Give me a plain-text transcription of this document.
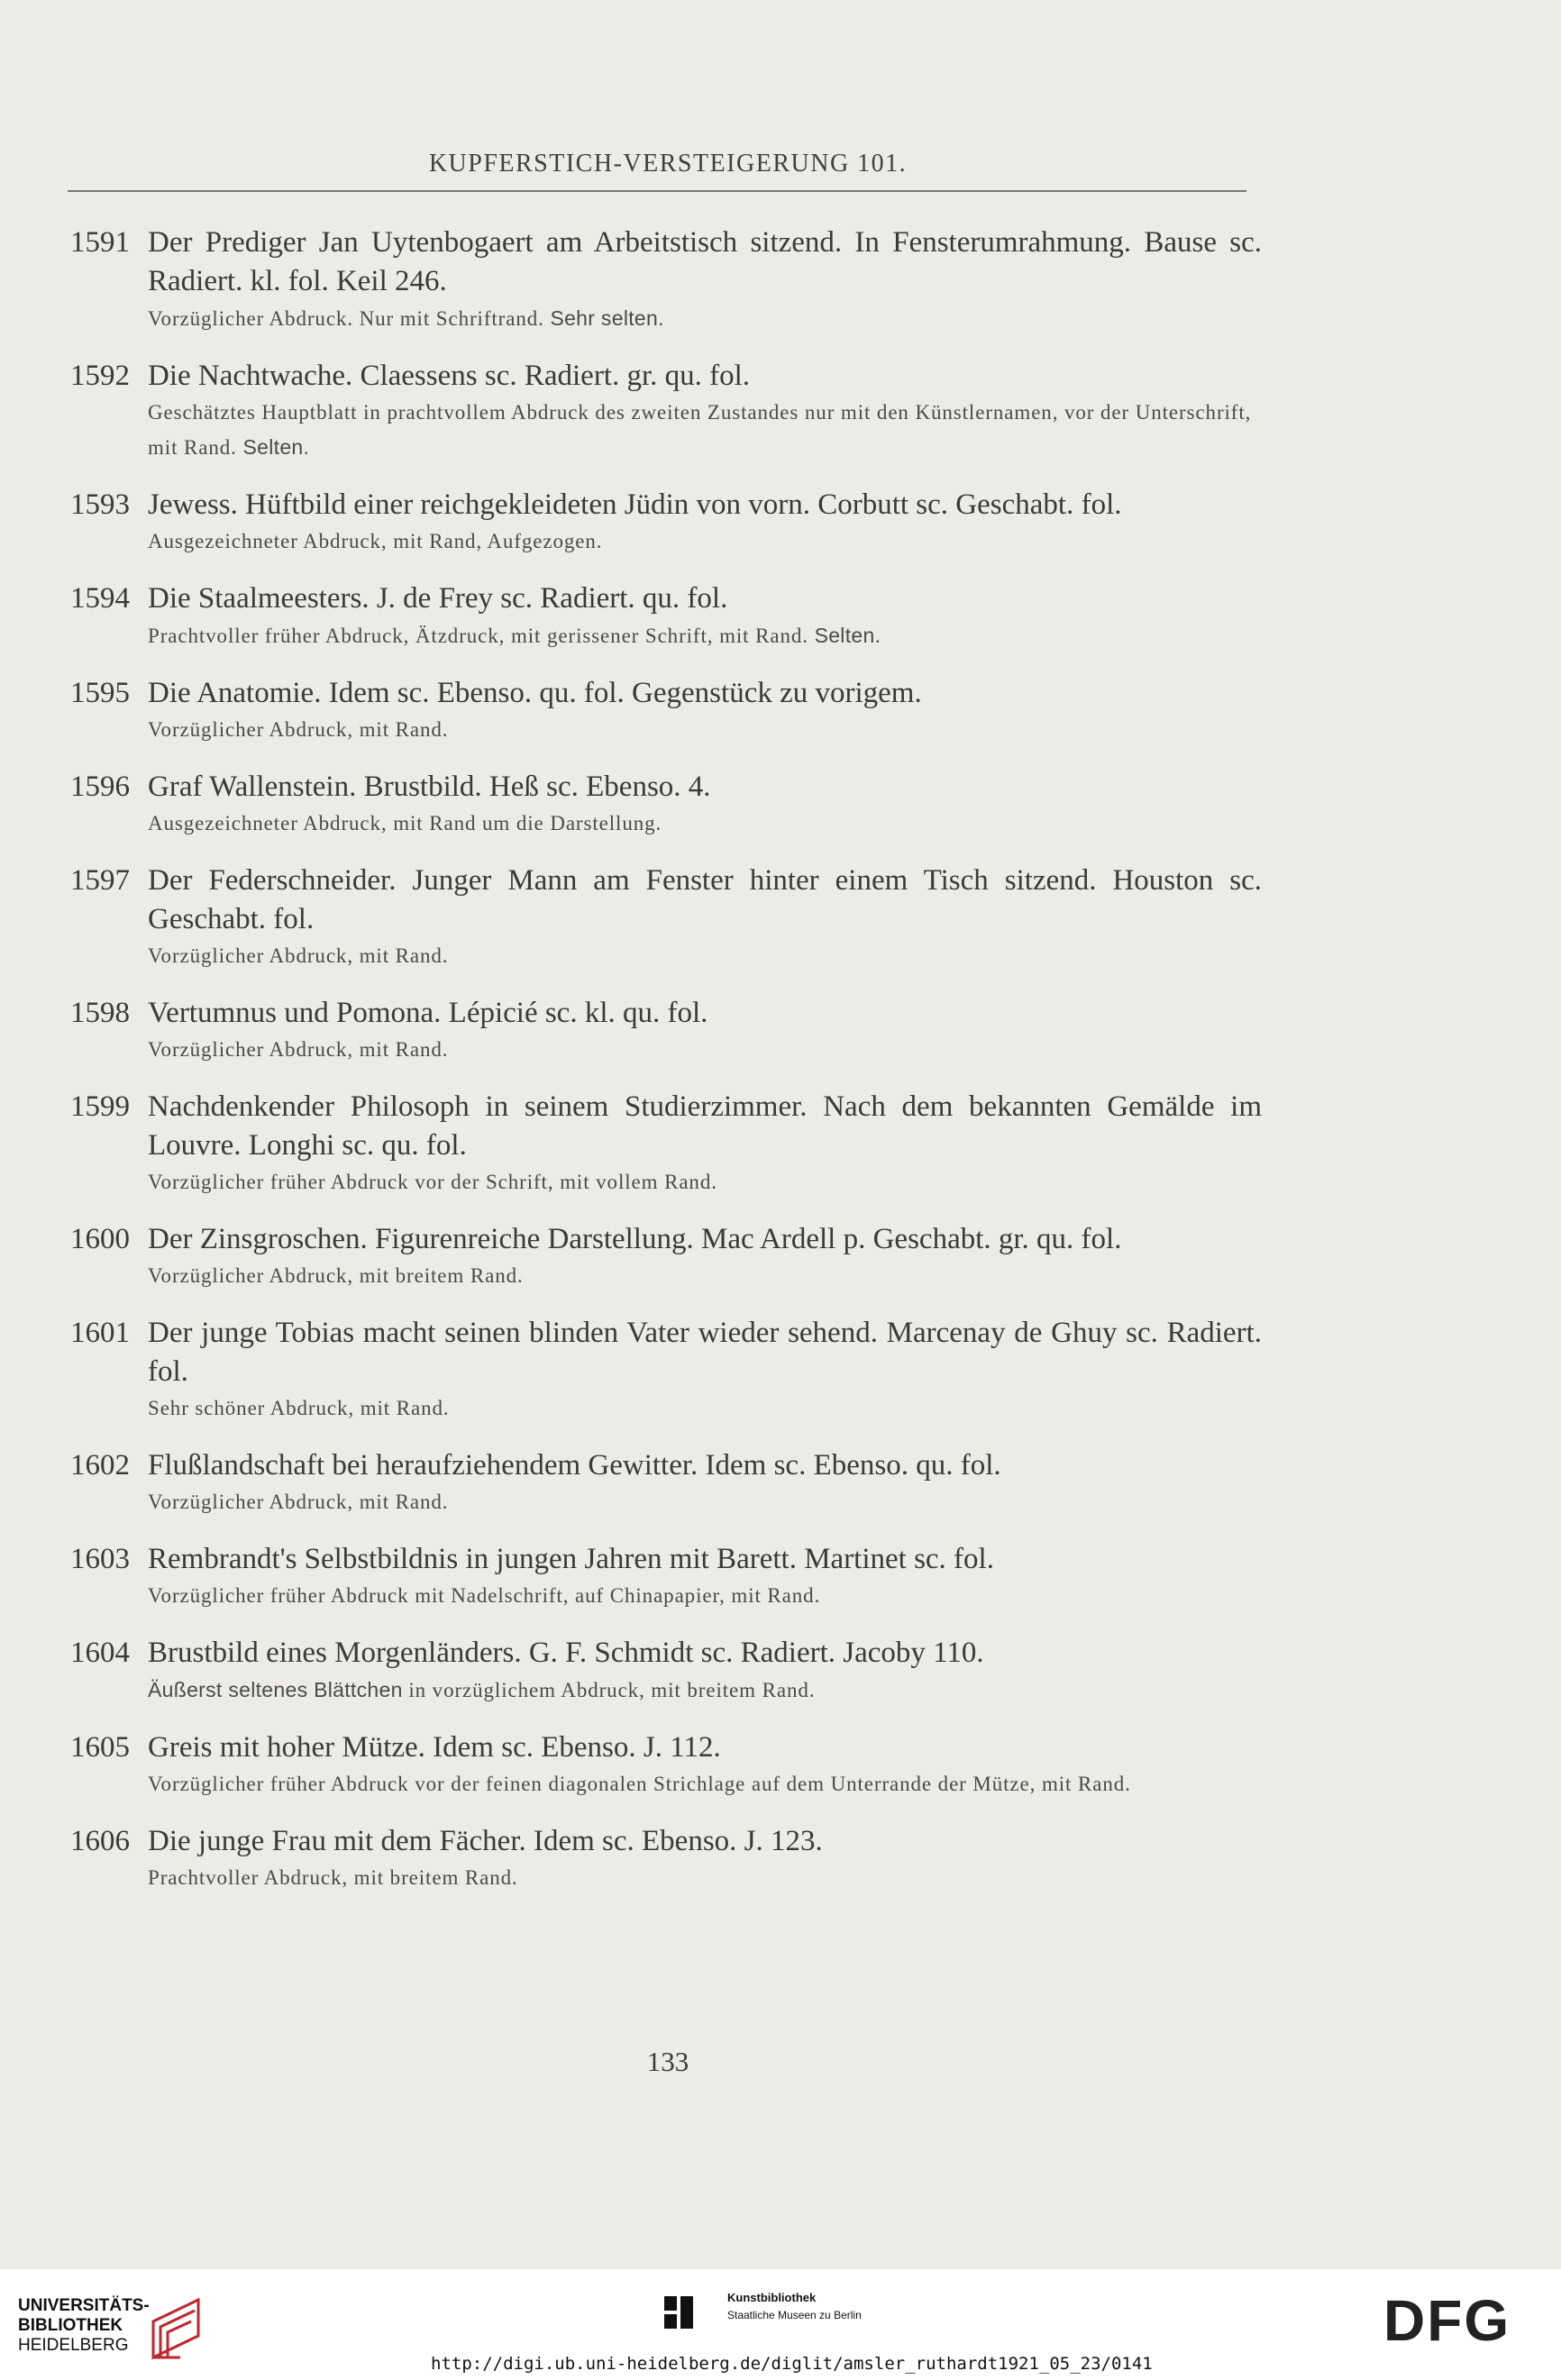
KUPFERSTICH-VERSTEIGERUNG 101.
1591 Der Prediger Jan Uytenbogaert am Arbeitstisch sitzend. In Fensterumrahmung. Bause sc. Radiert. kl. fol. Keil 246.
Vorzüglicher Abdruck. Nur mit Schriftrand. Sehr selten.
1592 Die Nachtwache. Claessens sc. Radiert. gr. qu. fol.
Geschätztes Hauptblatt in prachtvollem Abdruck des zweiten Zustandes nur mit den Künstlernamen, vor der Unterschrift, mit Rand. Selten.
1593 Jewess. Hüftbild einer reichgekleideten Jüdin von vorn. Corbutt sc. Geschabt. fol.
Ausgezeichneter Abdruck, mit Rand, Aufgezogen.
1594 Die Staalmeesters. J. de Frey sc. Radiert. qu. fol.
Prachtvoller früher Abdruck, Ätzdruck, mit gerissener Schrift, mit Rand. Selten.
1595 Die Anatomie. Idem sc. Ebenso. qu. fol. Gegenstück zu vorigem.
Vorzüglicher Abdruck, mit Rand.
1596 Graf Wallenstein. Brustbild. Heß sc. Ebenso. 4.
Ausgezeichneter Abdruck, mit Rand um die Darstellung.
1597 Der Federschneider. Junger Mann am Fenster hinter einem Tisch sitzend. Houston sc. Geschabt. fol.
Vorzüglicher Abdruck, mit Rand.
1598 Vertumnus und Pomona. Lépicié sc. kl. qu. fol.
Vorzüglicher Abdruck, mit Rand.
1599 Nachdenkender Philosoph in seinem Studierzimmer. Nach dem bekannten Gemälde im Louvre. Longhi sc. qu. fol.
Vorzüglicher früher Abdruck vor der Schrift, mit vollem Rand.
1600 Der Zinsgroschen. Figurenreiche Darstellung. Mac Ardell p. Geschabt. gr. qu. fol.
Vorzüglicher Abdruck, mit breitem Rand.
1601 Der junge Tobias macht seinen blinden Vater wieder sehend. Marcenay de Ghuy sc. Radiert. fol.
Sehr schöner Abdruck, mit Rand.
1602 Flußlandschaft bei heraufziehendem Gewitter. Idem sc. Ebenso. qu. fol.
Vorzüglicher Abdruck, mit Rand.
1603 Rembrandt's Selbstbildnis in jungen Jahren mit Barett. Martinet sc. fol.
Vorzüglicher früher Abdruck mit Nadelschrift, auf Chinapapier, mit Rand.
1604 Brustbild eines Morgenländers. G. F. Schmidt sc. Radiert. Jacoby 110.
Äußerst seltenes Blättchen in vorzüglichem Abdruck, mit breitem Rand.
1605 Greis mit hoher Mütze. Idem sc. Ebenso. J. 112.
Vorzüglicher früher Abdruck vor der feinen diagonalen Strichlage auf dem Unterrande der Mütze, mit Rand.
1606 Die junge Frau mit dem Fächer. Idem sc. Ebenso. J. 123.
Prachtvoller Abdruck, mit breitem Rand.
133
UNIVERSITÄTS-
BIBLIOTHEK
HEIDELBERG
Kunstbibliothek
Staatliche Museen zu Berlin	DFG
http://digi.ub.uni-heidelberg.de/diglit/amsler_ruthardt1921_05_23/0141
